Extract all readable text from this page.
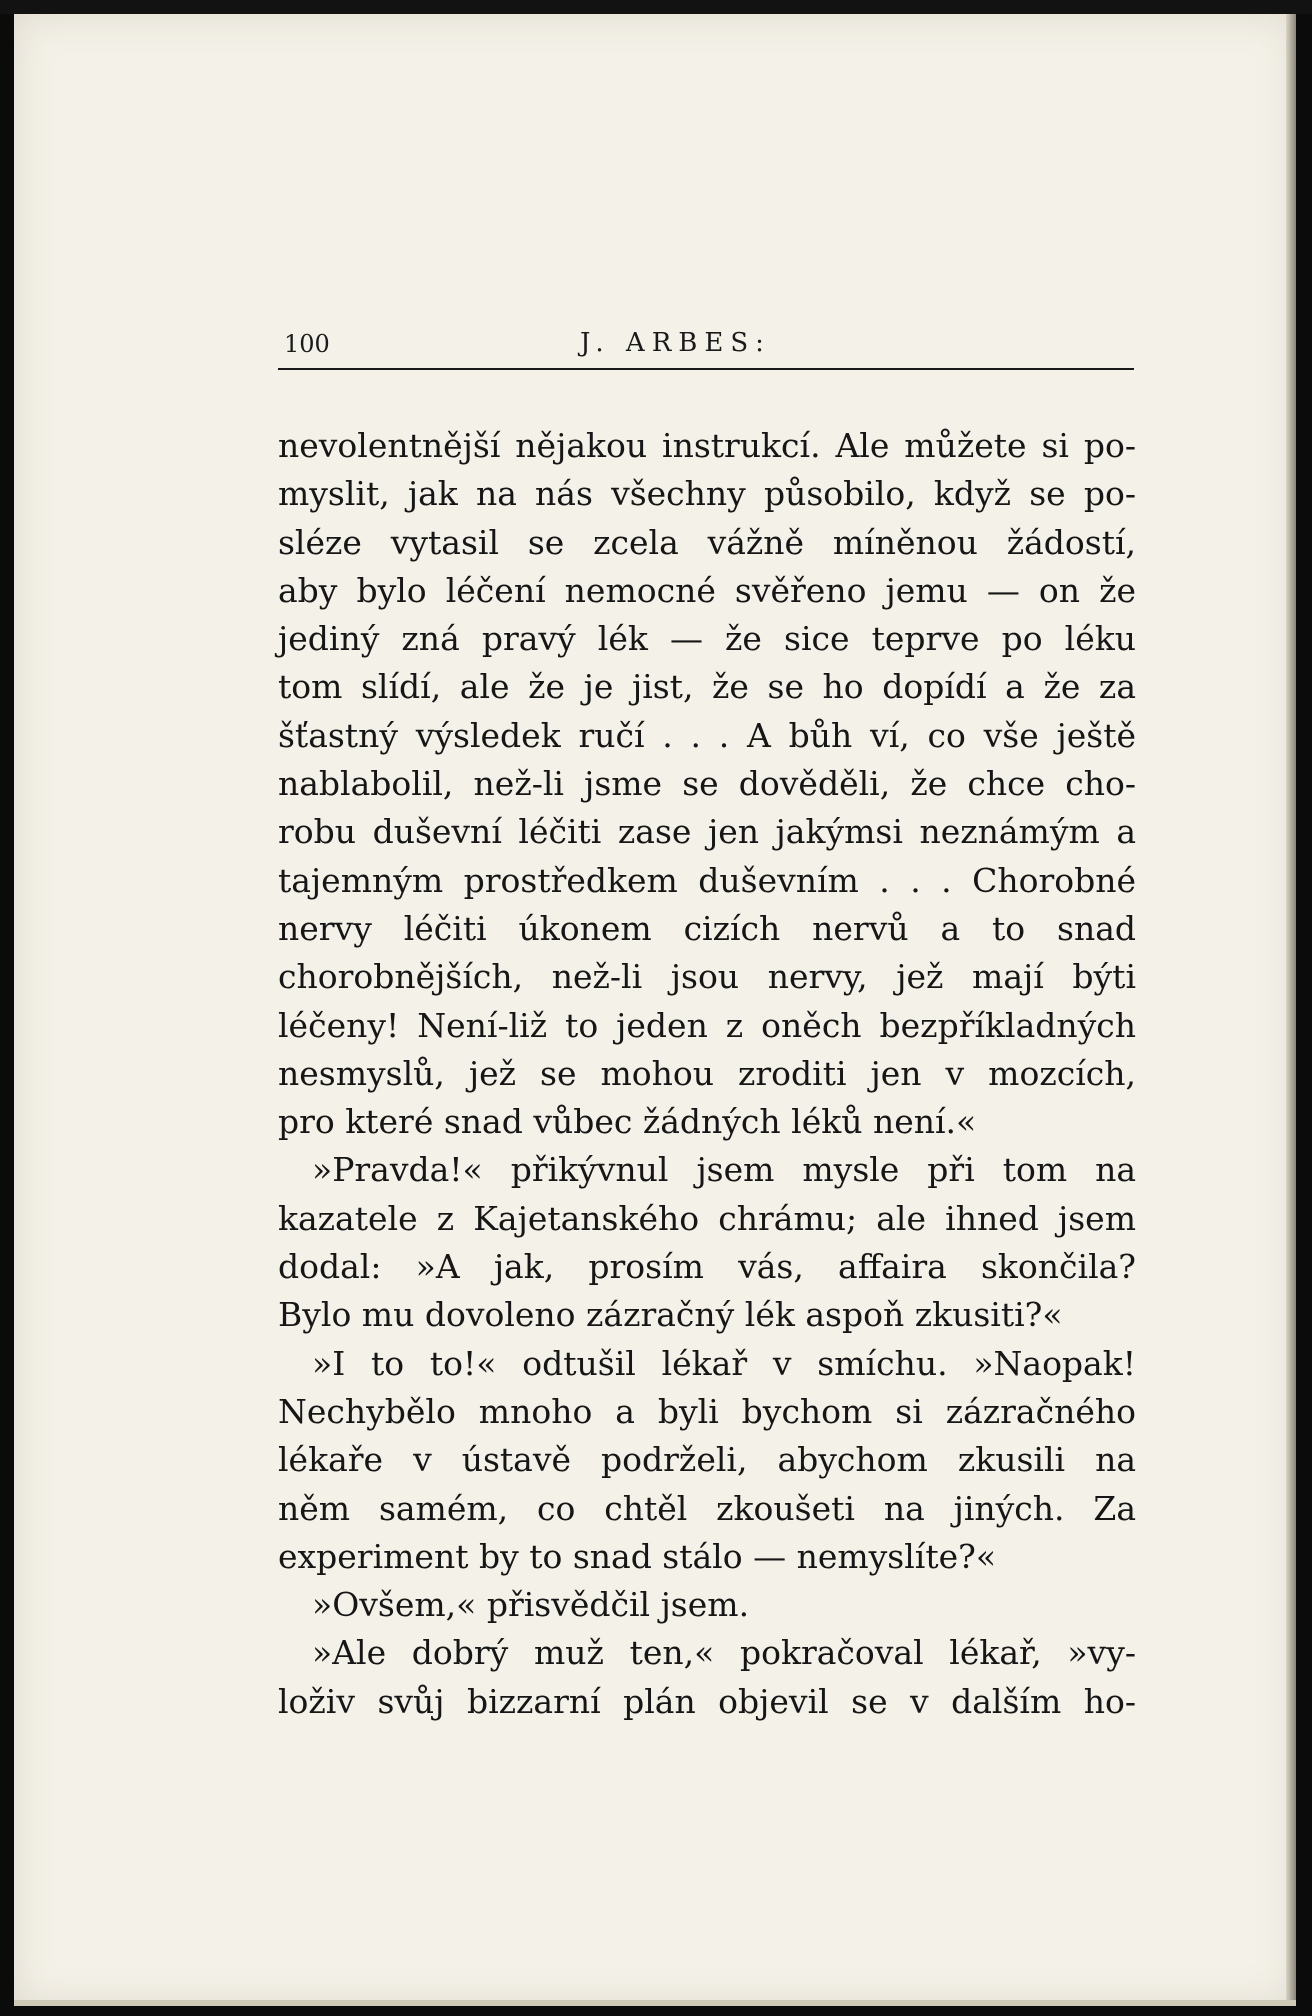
100	J. ARBES:
nevolentnější nějakou instrukcí. Ale můžete si po-
myslit, jak na nás všechny působilo, když se po-
sléze vytasil se zcela vážně míněnou žádostí,
aby bylo léčení nemocné svěřeno jemu — on že
jediný zná pravý lék — že sice teprve po léku
tom slídí, ale že je jist, že se ho dopídí a že za
šťastný výsledek ručí . . . A bůh ví, co vše ještě
nablabolil, než-li jsme se dověděli, že chce cho-
robu duševní léčiti zase jen jakýmsi neznámým a
tajemným prostředkem duševním . . . Chorobné
nervy léčiti úkonem cizích nervů a to snad
chorobnějších, než-li jsou nervy, jež mají býti
léčeny! Není-liž to jeden z oněch bezpříkladných
nesmyslů, jež se mohou zroditi jen v mozcích,
pro které snad vůbec žádných léků není.«
»Pravda!« přikývnul jsem mysle při tom na
kazatele z Kajetanského chrámu; ale ihned jsem
dodal: »A jak, prosím vás, affaira skončila?
Bylo mu dovoleno zázračný lék aspoň zkusiti?«
»I to to!« odtušil lékař v smíchu. »Naopak!
Nechybělo mnoho a byli bychom si zázračného
lékaře v ústavě podrželi, abychom zkusili na
něm samém, co chtěl zkoušeti na jiných. Za
experiment by to snad stálo — nemyslíte?«
»Ovšem,« přisvědčil jsem.
»Ale dobrý muž ten,« pokračoval lékař, »vy-
loživ svůj bizzarní plán objevil se v dalším ho-
